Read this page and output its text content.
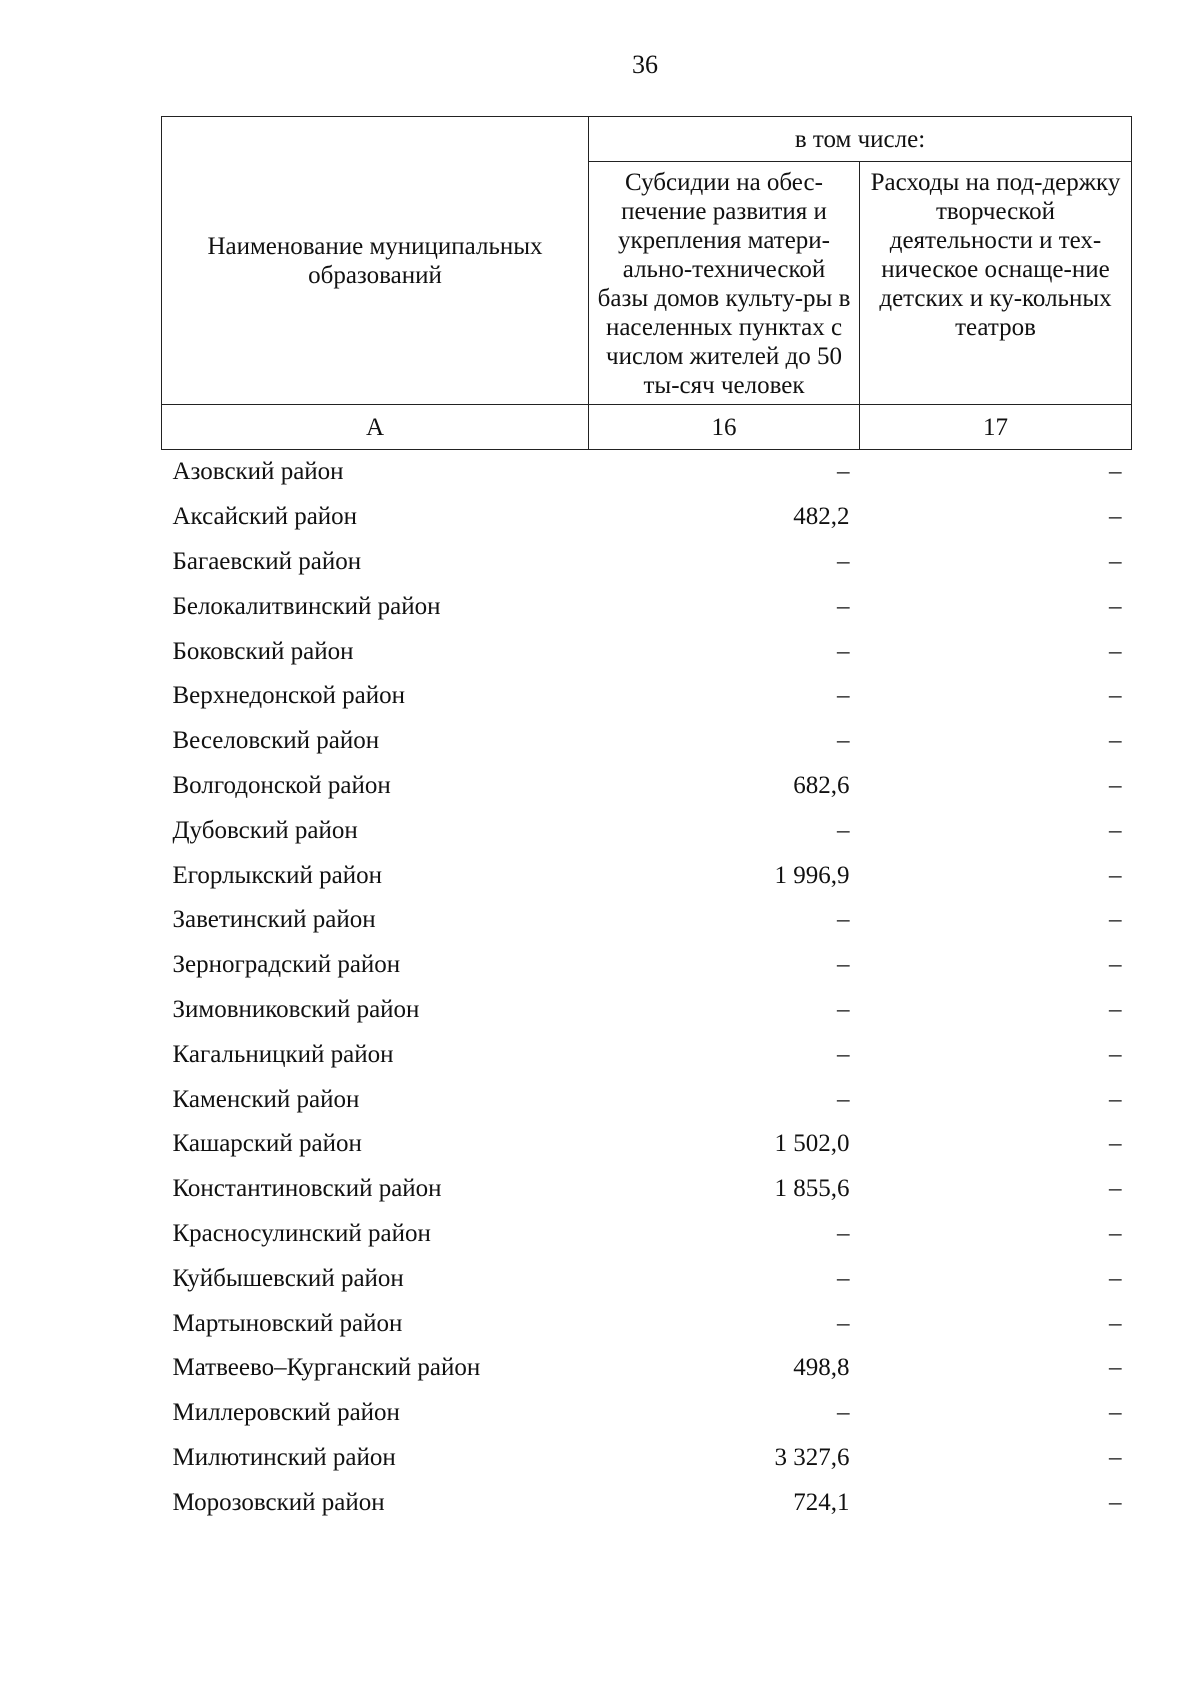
36
Наименование муниципальных образований	в том числе:	
	Субсидии на обес-печение развития и укрепления матери-ально-технической базы домов культу-ры в населенных пунктах с числом жителей до 50 ты-сяч человек	Расходы на под-держку творческой деятельности и тех-ническое оснаще-ние детских и ку-кольных театров
А	16	17
Азовский район	–	–
Аксайский район	482,2	–
Багаевский район	–	–
Белокалитвинский район	–	–
Боковский район	–	–
Верхнедонской район	–	–
Веселовский район	–	–
Волгодонской район	682,6	–
Дубовский район	–	–
Егорлыкский район	1 996,9	–
Заветинский район	–	–
Зерноградский район	–	–
Зимовниковский район	–	–
Кагальницкий район	–	–
Каменский район	–	–
Кашарский район	1 502,0	–
Константиновский район	1 855,6	–
Красносулинский район	–	–
Куйбышевский район	–	–
Мартыновский район	–	–
Матвеево–Курганский район	498,8	–
Миллеровский район	–	–
Милютинский район	3 327,6	–
Морозовский район	724,1	–
